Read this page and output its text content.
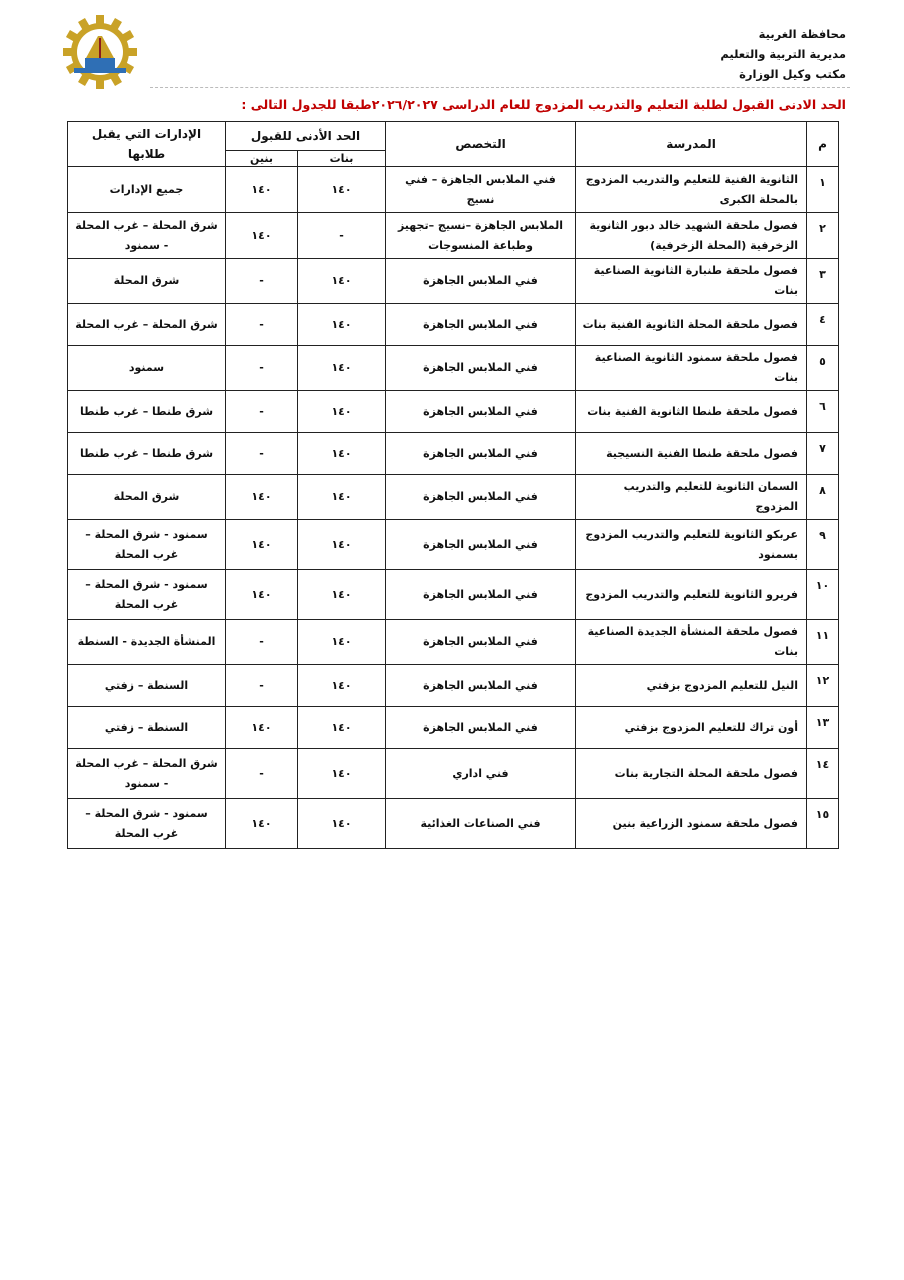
محافظة الغربية
مديرية التربية والتعليم
مكتب وكيل الوزارة
الحد الادنى القبول لطلبة التعليم والتدريب المزدوج للعام الدراسى ٢٠٢٦/٢٠٢٧طبقا للجدول التالى :
م	المدرسة	التخصص	الحد الأدنى للقبول		الإدارات التي يقبل طلابها
			بنات	بنين	
١	الثانوية الفنية للتعليم والتدريب المزدوج بالمحلة الكبرى	فني الملابس الجاهزة – فني نسيج	١٤٠	١٤٠	جميع الإدارات
٢	فصول ملحقة الشهيد خالد دبور الثانوية الزخرفية (المحلة الزخرفية)	الملابس الجاهزة –نسيج –تجهيز وطباعة المنسوجات	-	١٤٠	شرق المحلة – غرب المحلة - سمنود
٣	فصول ملحقة طنبارة الثانوية الصناعية بنات	فني الملابس الجاهزة	١٤٠	-	شرق المحلة
٤	فصول ملحقة المحلة الثانوية الفنية بنات	فني الملابس الجاهزة	١٤٠	-	شرق المحلة – غرب المحلة
٥	فصول ملحقة سمنود الثانوية الصناعية بنات	فني الملابس الجاهزة	١٤٠	-	سمنود
٦	فصول ملحقة طنطا الثانوية الفنية بنات	فني الملابس الجاهزة	١٤٠	-	شرق طنطا – غرب طنطا
٧	فصول ملحقة طنطا الفنية النسيجية	فني الملابس الجاهزة	١٤٠	-	شرق طنطا – غرب طنطا
٨	السمان الثانوية للتعليم والتدريب المزدوج	فني الملابس الجاهزة	١٤٠	١٤٠	شرق المحلة
٩	عربكو الثانوية للتعليم والتدريب المزدوج بسمنود	فني الملابس الجاهزة	١٤٠	١٤٠	سمنود - شرق المحلة – غرب المحلة
١٠	فريرو الثانوية للتعليم والتدريب المزدوج	فني الملابس الجاهزة	١٤٠	١٤٠	سمنود - شرق المحلة – غرب المحلة
١١	فصول ملحقة المنشأة الجديدة الصناعية بنات	فني الملابس الجاهزة	١٤٠	-	المنشأة الجديدة - السنطة
١٢	النيل للتعليم المزدوج بزفتي	فني الملابس الجاهزة	١٤٠	-	السنطة – زفتي
١٣	أون تراك للتعليم المزدوج بزفتي	فني الملابس الجاهزة	١٤٠	١٤٠	السنطة – زفتي
١٤	فصول ملحقة المحلة التجارية بنات	فني اداري	١٤٠	-	شرق المحلة – غرب المحلة - سمنود
١٥	فصول ملحقة سمنود الزراعية بنين	فني الصناعات الغذائية	١٤٠	١٤٠	سمنود - شرق المحلة – غرب المحلة
